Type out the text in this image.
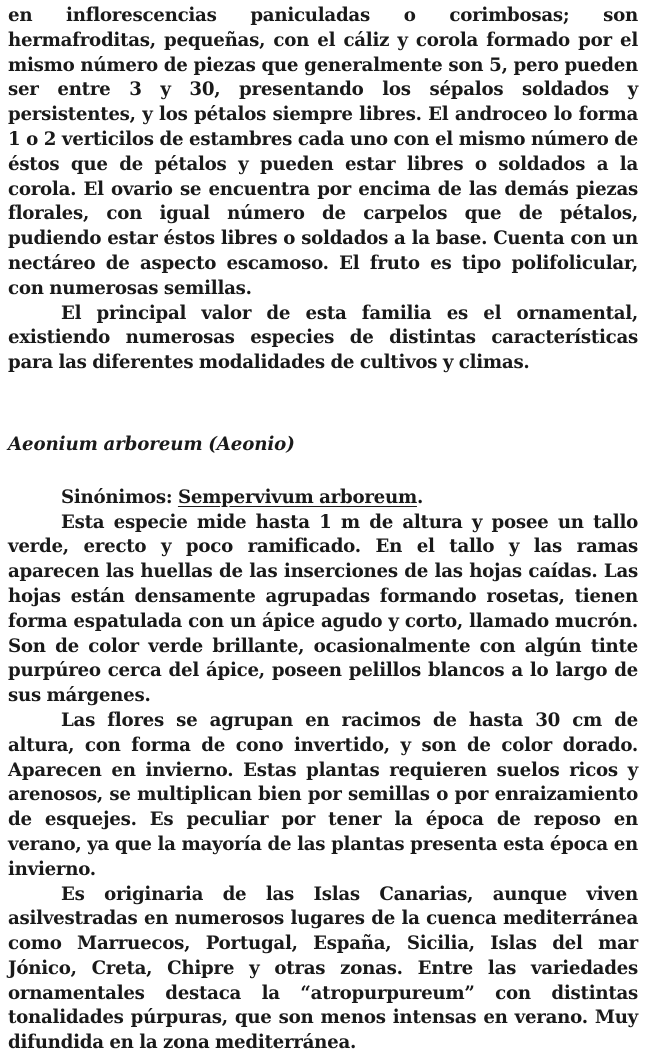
en inflorescencias paniculadas o corimbosas; son hermafroditas, pequeñas, con el cáliz y corola formado por el mismo número de piezas que generalmente son 5, pero pueden ser entre 3 y 30, presentando los sépalos soldados y persistentes, y los pétalos siempre libres. El androceo lo forma 1 o 2 verticilos de estambres cada uno con el mismo número de éstos que de pétalos y pueden estar libres o soldados a la corola. El ovario se encuentra por encima de las demás piezas florales, con igual número de carpelos que de pétalos, pudiendo estar éstos libres o soldados a la base. Cuenta con un nectáreo de aspecto escamoso. El fruto es tipo polifolicular, con numerosas semillas.

El principal valor de esta familia es el ornamental, existiendo numerosas especies de distintas características para las diferentes modalidades de cultivos y climas.

Aeonium arboreum (Aeonio)

Sinónimos: Sempervivum arboreum.

Esta especie mide hasta 1 m de altura y posee un tallo verde, erecto y poco ramificado. En el tallo y las ramas aparecen las huellas de las inserciones de las hojas caídas. Las hojas están densamente agrupadas formando rosetas, tienen forma espatulada con un ápice agudo y corto, llamado mucrón. Son de color verde brillante, ocasionalmente con algún tinte purpúreo cerca del ápice, poseen pelillos blancos a lo largo de sus márgenes.

Las flores se agrupan en racimos de hasta 30 cm de altura, con forma de cono invertido, y son de color dorado. Aparecen en invierno. Estas plantas requieren suelos ricos y arenosos, se multiplican bien por semillas o por enraizamiento de esquejes. Es peculiar por tener la época de reposo en verano, ya que la mayoría de las plantas presenta esta época en invierno.

Es originaria de las Islas Canarias, aunque viven asilvestradas en numerosos lugares de la cuenca mediterránea como Marruecos, Portugal, España, Sicilia, Islas del mar Jónico, Creta, Chipre y otras zonas. Entre las variedades ornamentales destaca la “atropurpureum” con distintas tonalidades púrpuras, que son menos intensas en verano. Muy difundida en la zona mediterránea.
